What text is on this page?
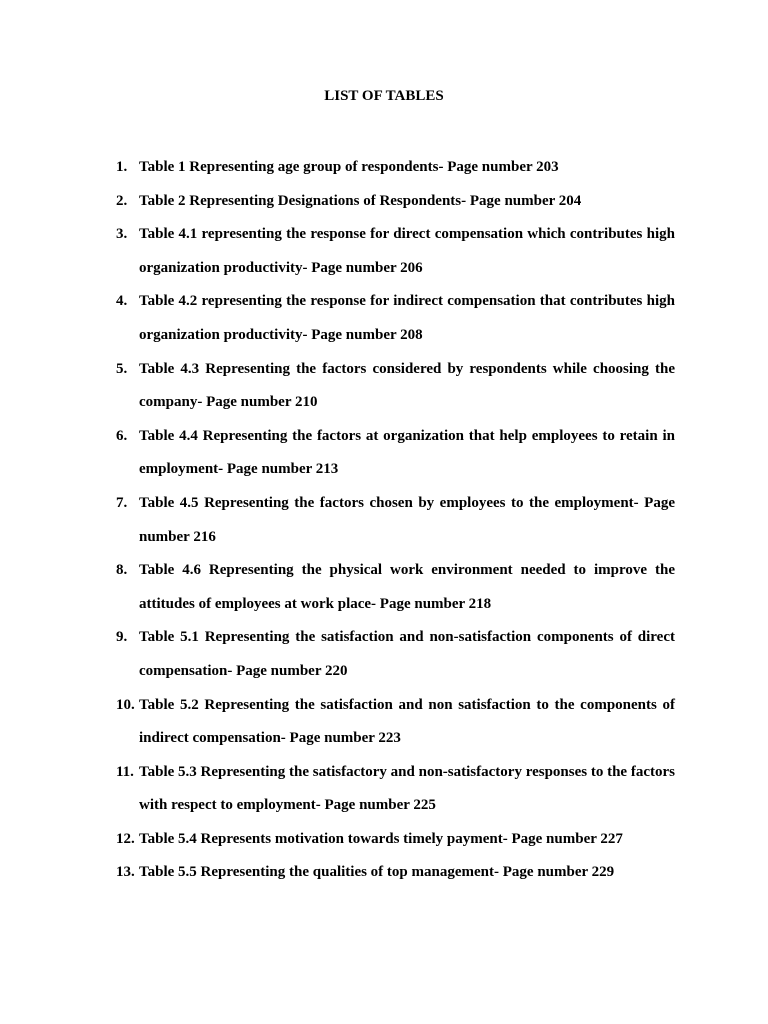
LIST OF TABLES
1. Table 1 Representing age group of respondents- Page number 203
2. Table 2 Representing Designations of Respondents- Page number 204
3. Table 4.1 representing the response for direct compensation which contributes high organization productivity- Page number 206
4. Table 4.2 representing the response for indirect compensation that contributes high organization productivity- Page number 208
5. Table 4.3 Representing the factors considered by respondents while choosing the company- Page number 210
6. Table 4.4 Representing the factors at organization that help employees to retain in employment- Page number 213
7. Table 4.5 Representing the factors chosen by employees to the employment- Page number 216
8. Table 4.6 Representing the physical work environment needed to improve the attitudes of employees at work place- Page number 218
9. Table 5.1 Representing the satisfaction and non-satisfaction components of direct compensation- Page number 220
10. Table 5.2 Representing the satisfaction and non satisfaction to the components of indirect compensation- Page number 223
11. Table 5.3 Representing the satisfactory and non-satisfactory responses to the factors with respect to employment- Page number 225
12. Table 5.4 Represents motivation towards timely payment- Page number 227
13. Table 5.5 Representing the qualities of top management- Page number 229
